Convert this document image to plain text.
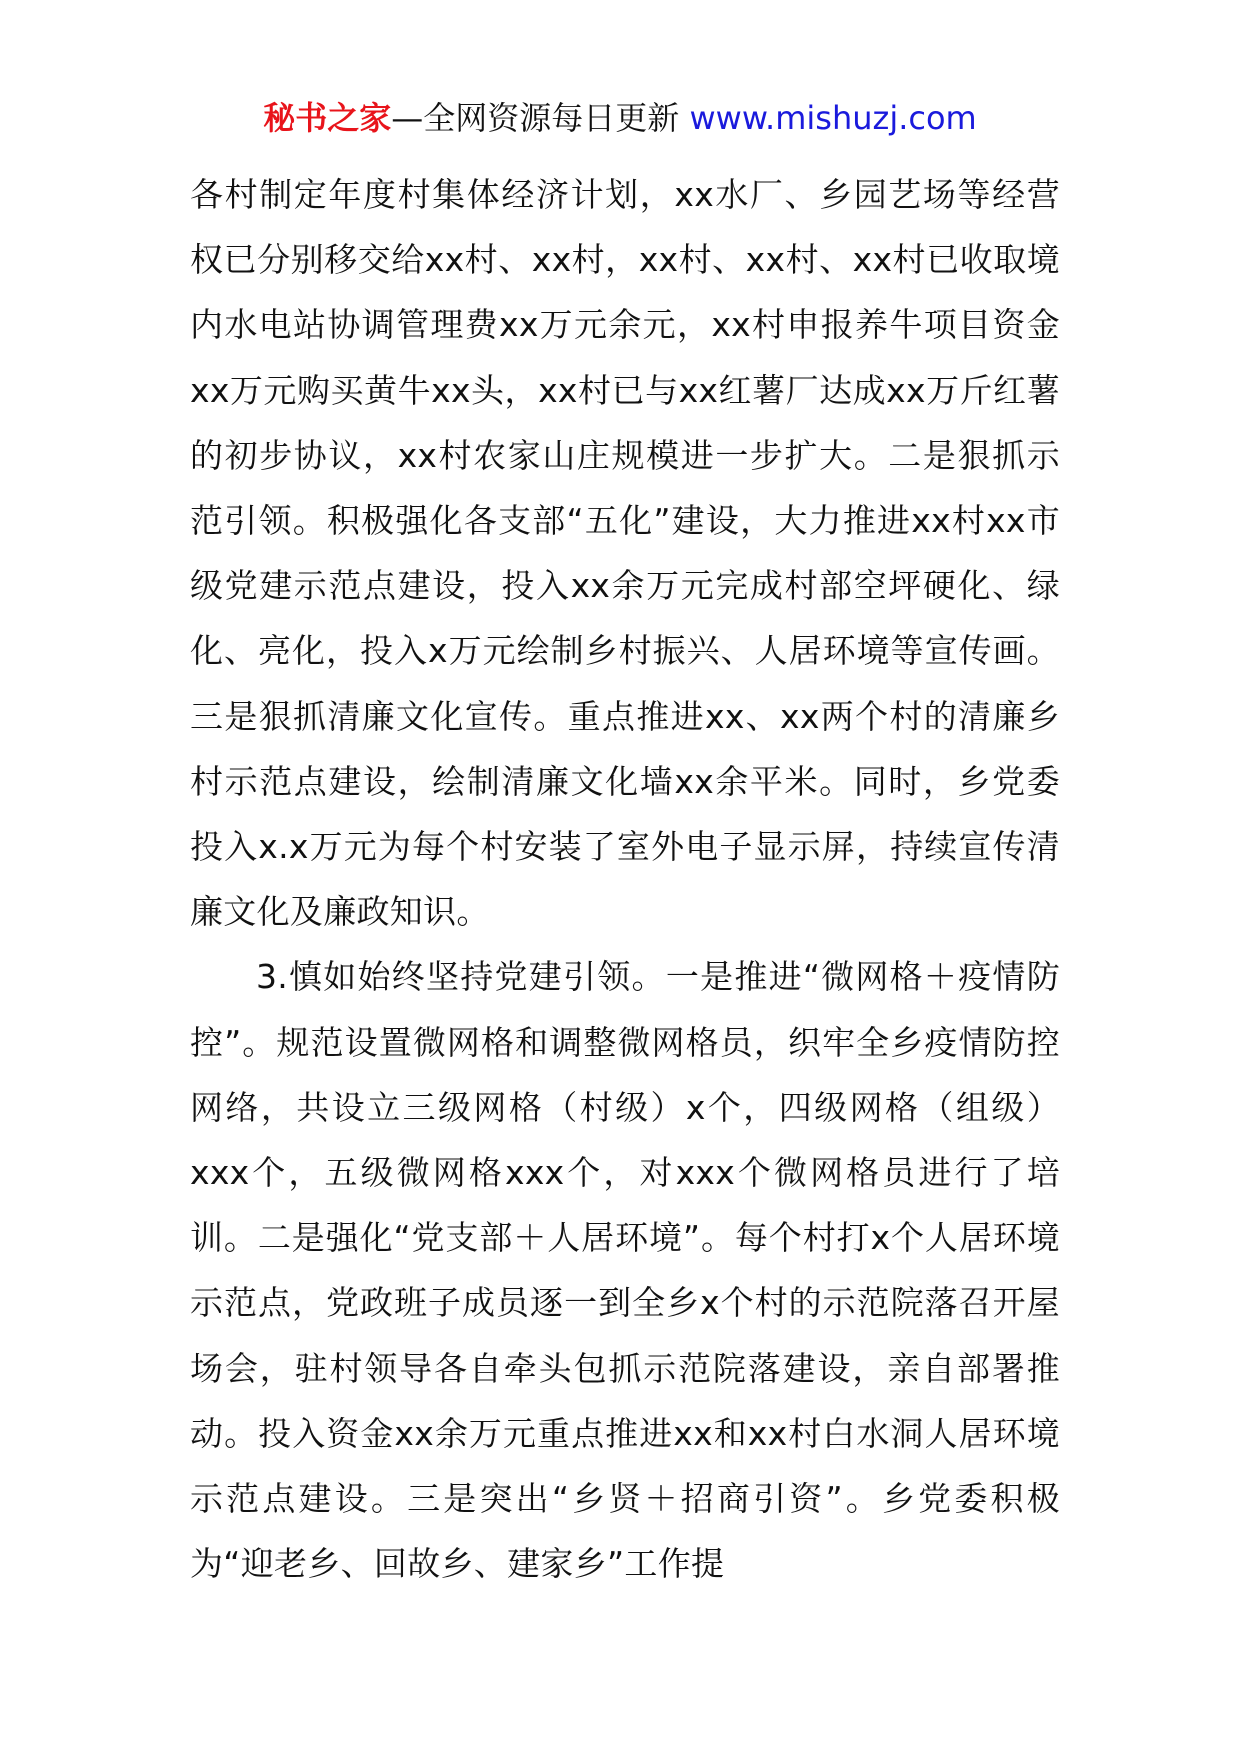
秘书之家—全网资源每日更新 www.mishuzj.com

各村制定年度村集体经济计划，xx水厂、乡园艺场等经营权已分别移交给xx村、xx村，xx村、xx村、xx村已收取境内水电站协调管理费xx万元余元，xx村申报养牛项目资金xx万元购买黄牛xx头，xx村已与xx红薯厂达成xx万斤红薯的初步协议，xx村农家山庄规模进一步扩大。二是狠抓示范引领。积极强化各支部“五化”建设，大力推进xx村xx市级党建示范点建设，投入xx余万元完成村部空坪硬化、绿化、亮化，投入x万元绘制乡村振兴、人居环境等宣传画。三是狠抓清廉文化宣传。重点推进xx、xx两个村的清廉乡村示范点建设，绘制清廉文化墙xx余平米。同时，乡党委投入x.x万元为每个村安装了室外电子显示屏，持续宣传清廉文化及廉政知识。

3.慎如始终坚持党建引领。一是推进“微网格＋疫情防控”。规范设置微网格和调整微网格员，织牢全乡疫情防控网络，共设立三级网格（村级）x个，四级网格（组级）xxx个，五级微网格xxx个，对xxx个微网格员进行了培训。二是强化“党支部＋人居环境”。每个村打x个人居环境示范点，党政班子成员逐一到全乡x个村的示范院落召开屋场会，驻村领导各自牵头包抓示范院落建设，亲自部署推动。投入资金xx余万元重点推进xx和xx村白水洞人居环境示范点建设。三是突出“乡贤＋招商引资”。乡党委积极为“迎老乡、回故乡、建家乡”工作提
